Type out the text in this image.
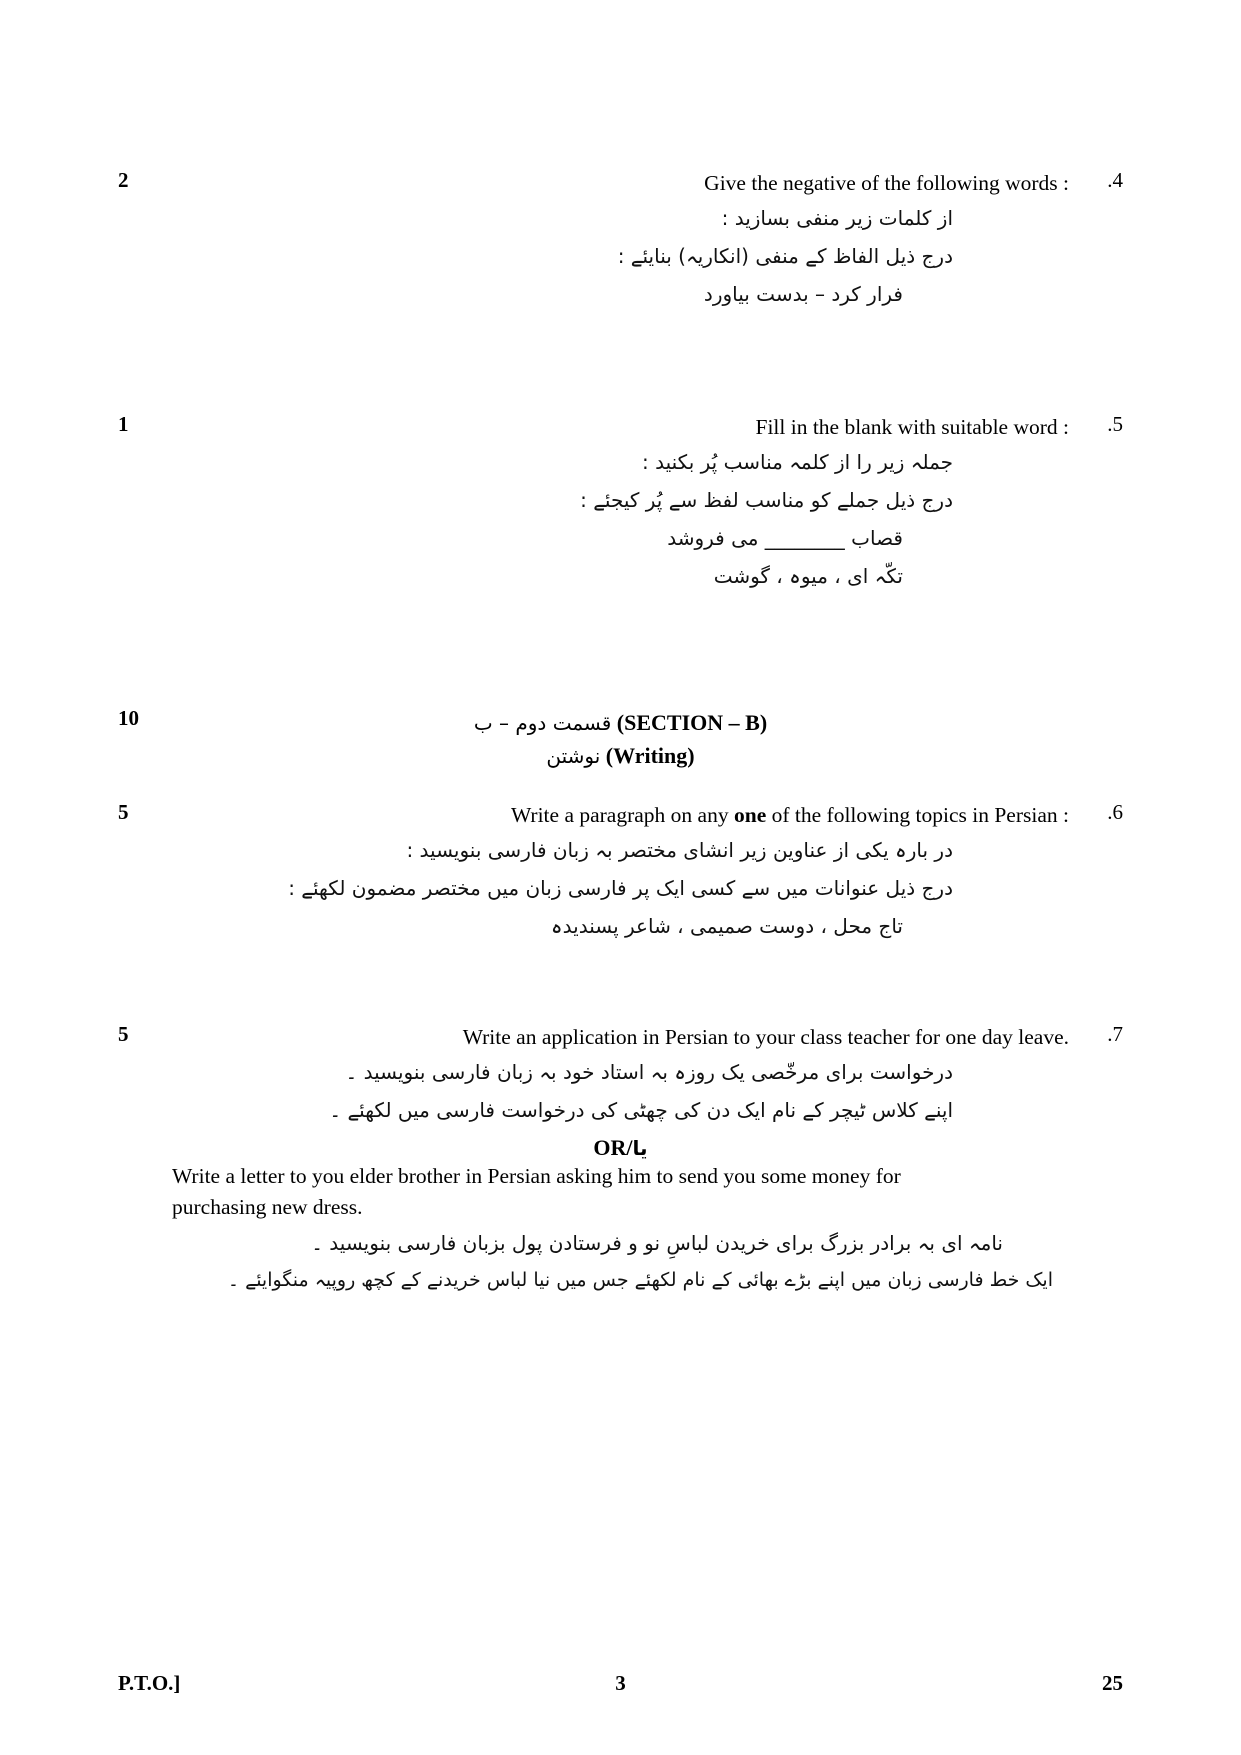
2	.4
Give the negative of the following words :
از کلمات زیر منفی بسازید :
درج ذیل الفاظ کے منفی (انکاریہ) بنایئے :
فرار کرد – بدست بیاورد
1	.5
Fill in the blank with suitable word :
جملہ زیر را از کلمہ مناسب پُر بکنید :
درج ذیل جملے کو مناسب لفظ سے پُر کیجئے :
قصاب ________ می فروشد
تکّہ ای ، میوہ ، گوشت
10	قسمت دوم – ب (SECTION – B)
نوشتن (Writing)
5	.6
Write a paragraph on any one of the following topics in Persian :
در بارہ یکی از عناوین زیر انشای مختصر بہ زبان فارسی بنویسید :
درج ذیل عنوانات میں سے کسی ایک پر فارسی زبان میں مختصر مضمون لکھئے :
تاج محل ، دوست صمیمی ، شاعر پسندیدہ
5	.7
Write an application in Persian to your class teacher for one day leave.
درخواست برای مرخّصی یک روزہ بہ استاد خود بہ زبان فارسی بنویسید ۔
اپنے کلاس ٹیچر کے نام ایک دن کی چھٹی کی درخواست فارسی میں لکھئے ۔
OR/یا
Write a letter to you elder brother in Persian asking him to send you some money for
purchasing new dress.
نامہ ای بہ برادر بزرگ برای خریدن لباسِ نو و فرستادن پول بزبان فارسی بنویسید ۔
ایک خط فارسی زبان میں اپنے بڑے بھائی کے نام لکھئے جس میں نیا لباس خریدنے کے کچھ روپیہ منگوایئے ۔
P.T.O.]	3	25
